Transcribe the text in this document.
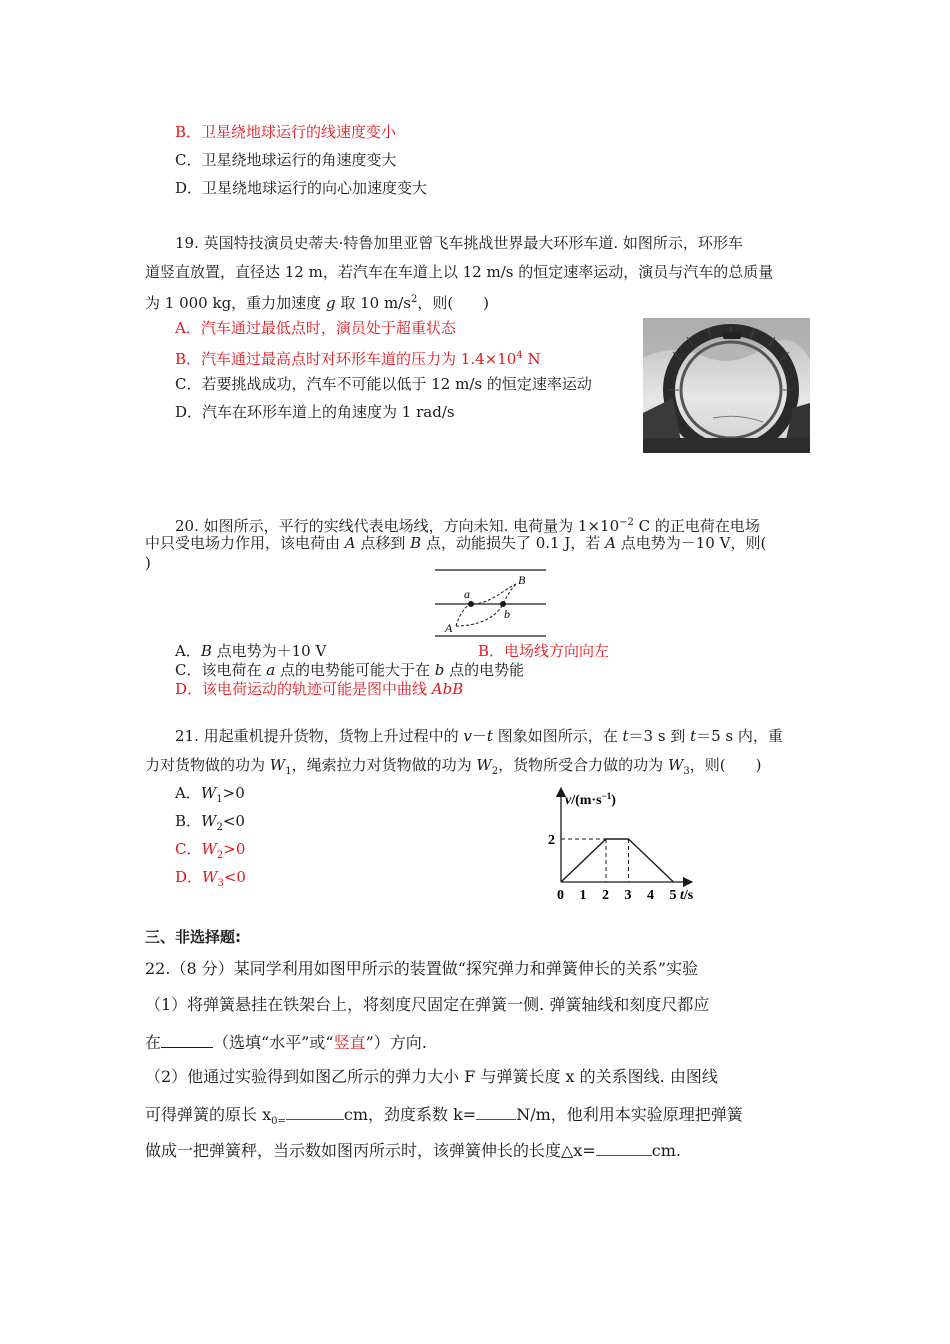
B．卫星绕地球运行的线速度变小
C．卫星绕地球运行的角速度变大
D．卫星绕地球运行的向心加速度变大
19. 英国特技演员史蒂夫·特鲁加里亚曾飞车挑战世界最大环形车道. 如图所示，环形车
道竖直放置，直径达 12 m，若汽车在车道上以 12 m/s 的恒定速率运动，演员与汽车的总质量
为 1 000 kg，重力加速度 g 取 10 $m/s^2$，则(　　)
A．汽车通过最低点时，演员处于超重状态
B．汽车通过最高点时对环形车道的压力为 $1.4\times 10^4$ N
C．若要挑战成功，汽车不可能以低于 12 m/s 的恒定速率运动
D．汽车在环形车道上的角速度为 1 rad/s
20. 如图所示，平行的实线代表电场线，方向未知. 电荷量为 $1\times 10^{-2}$ C 的正电荷在电场
中只受电场力作用，该电荷由 A 点移到 B 点，动能损失了 0.1 J，若 A 点电势为－10 V，则(
)
B
a
b
A
A．B 点电势为＋10 V	B．电场线方向向左
C．该电荷在 a 点的电势能可能大于在 b 点的电势能
D．该电荷运动的轨迹可能是图中曲线 AbB
21. 用起重机提升货物，货物上升过程中的 v－t 图象如图所示，在 t＝3 s 到 t＝5 s 内，重
力对货物做的功为 $W_1$，绳索拉力对货物做的功为 $W_2$，货物所受合力做的功为 $W_3$，则(　　)
A．$W_1>0$
B．$W_2<0$
C．$W_2>0$
D．$W_3<0$
$v/(m\cdot s^{-1})$
t/s
0 1 2 3 4 5
2
三、非选择题:
22.（8 分）某同学利用如图甲所示的装置做“探究弹力和弹簧伸长的关系”实验
（1）将弹簧悬挂在铁架台上，将刻度尺固定在弹簧一侧. 弹簧轴线和刻度尺都应
在	（选填“水平”或“竖直”）方向.
（2）他通过实验得到如图乙所示的弹力大小 F 与弹簧长度 x 的关系图线. 由图线
可得弹簧的原长 $x_{0=}$	cm，劲度系数 k=	N/m，他利用本实验原理把弹簧
做成一把弹簧秤，当示数如图丙所示时，该弹簧伸长的长度△x=	cm.
